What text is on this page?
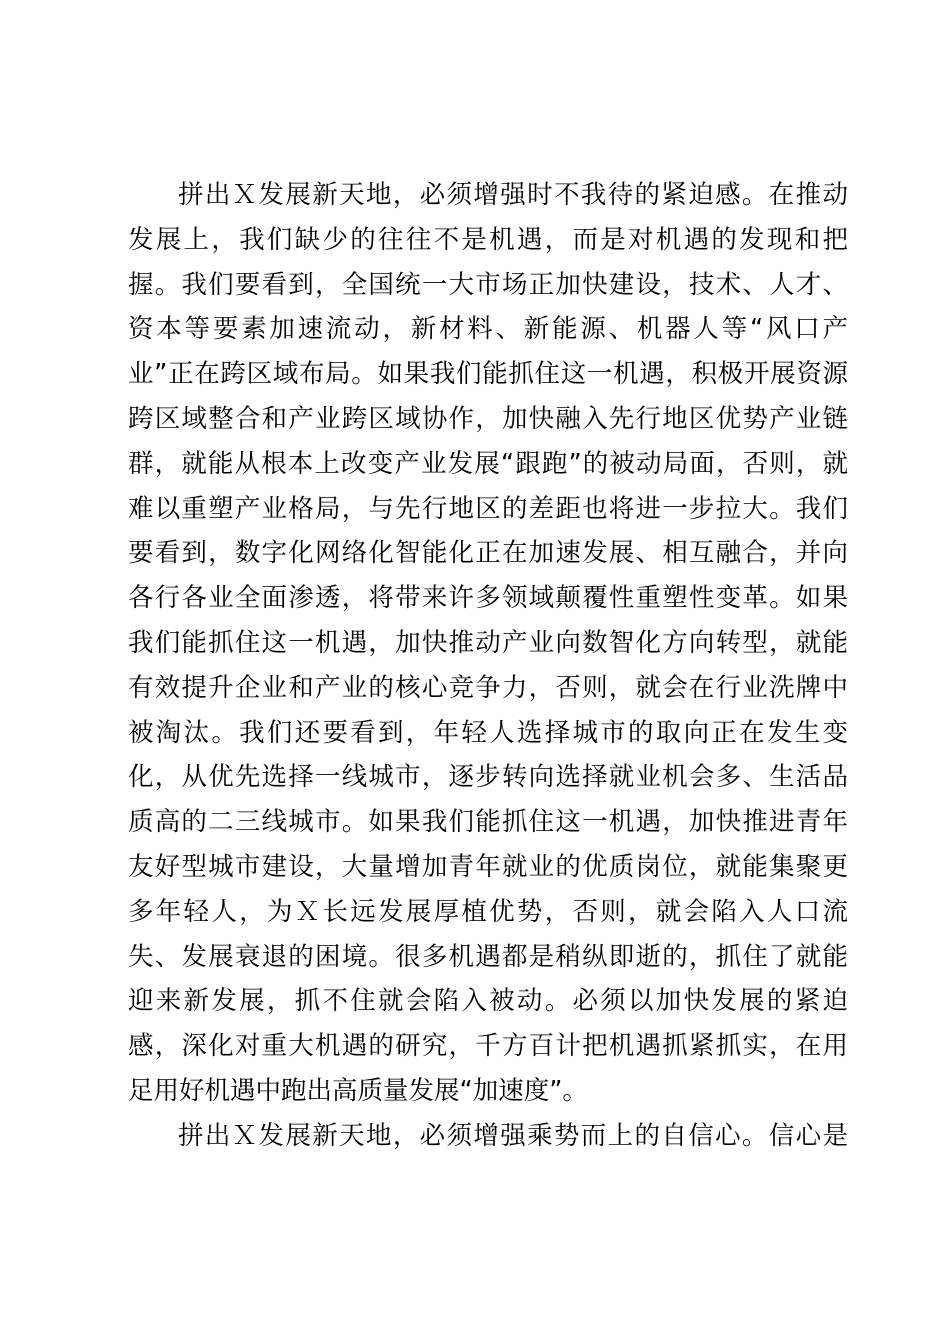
拼出Ｘ发展新天地，必须增强时不我待的紧迫感。在推动
发展上，我们缺少的往往不是机遇，而是对机遇的发现和把
握。我们要看到，全国统一大市场正加快建设，技术、人才、
资本等要素加速流动，新材料、新能源、机器人等“风口产
业”正在跨区域布局。如果我们能抓住这一机遇，积极开展资源
跨区域整合和产业跨区域协作，加快融入先行地区优势产业链
群，就能从根本上改变产业发展“跟跑”的被动局面，否则，就
难以重塑产业格局，与先行地区的差距也将进一步拉大。我们
要看到，数字化网络化智能化正在加速发展、相互融合，并向
各行各业全面渗透，将带来许多领域颠覆性重塑性变革。如果
我们能抓住这一机遇，加快推动产业向数智化方向转型，就能
有效提升企业和产业的核心竞争力，否则，就会在行业洗牌中
被淘汰。我们还要看到，年轻人选择城市的取向正在发生变
化，从优先选择一线城市，逐步转向选择就业机会多、生活品
质高的二三线城市。如果我们能抓住这一机遇，加快推进青年
友好型城市建设，大量增加青年就业的优质岗位，就能集聚更
多年轻人，为Ｘ长远发展厚植优势，否则，就会陷入人口流
失、发展衰退的困境。很多机遇都是稍纵即逝的，抓住了就能
迎来新发展，抓不住就会陷入被动。必须以加快发展的紧迫
感，深化对重大机遇的研究，千方百计把机遇抓紧抓实，在用
足用好机遇中跑出高质量发展“加速度”。
拼出Ｘ发展新天地，必须增强乘势而上的自信心。信心是
